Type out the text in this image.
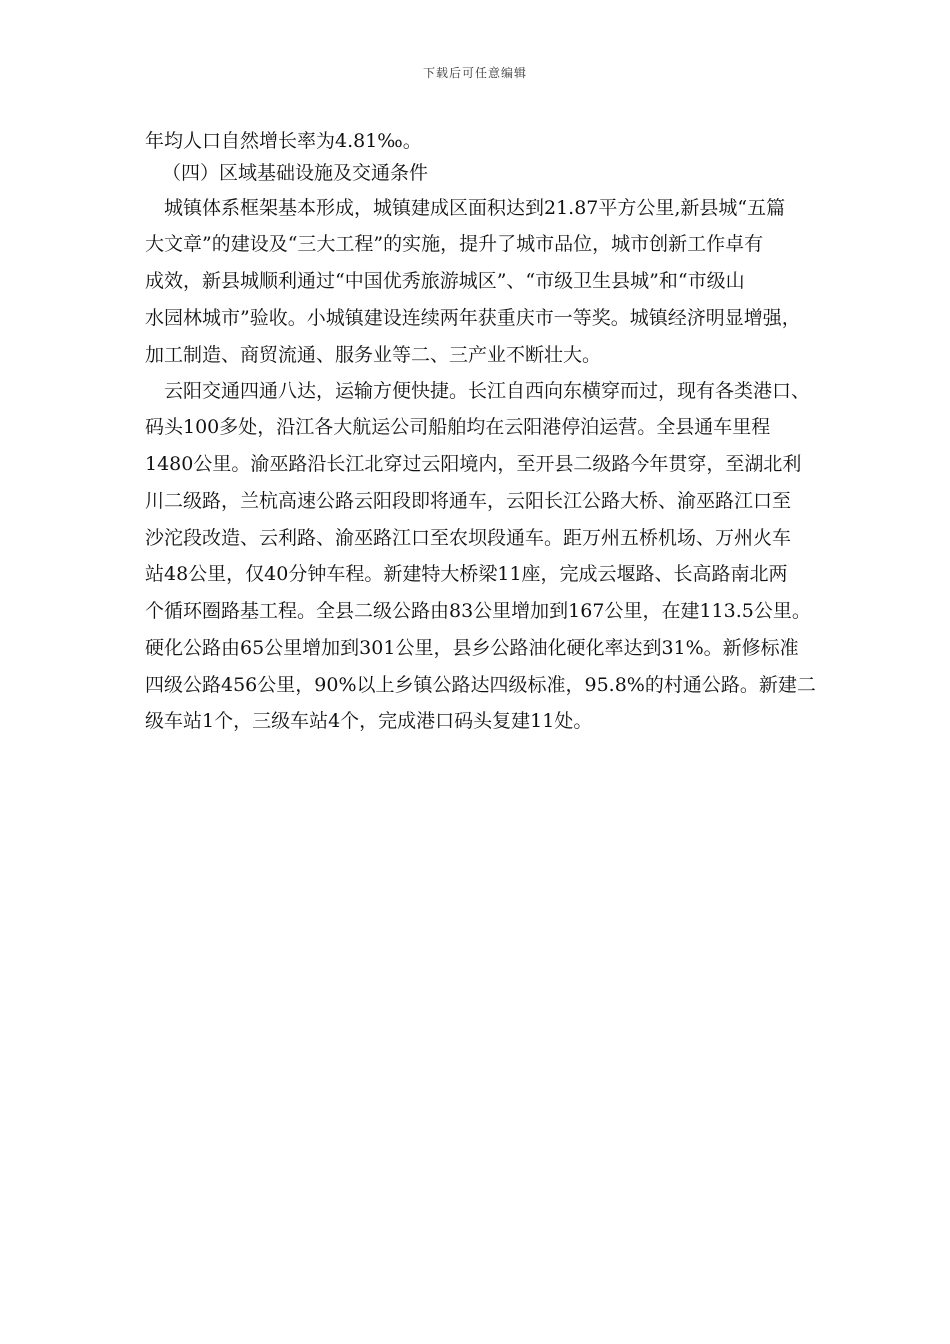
下载后可任意编辑
年均人口自然增长率为4.81‰。
（四）区域基础设施及交通条件
城镇体系框架基本形成，城镇建成区面积达到21.87平方公里,新县城“五篇
大文章”的建设及“三大工程”的实施，提升了城市品位，城市创新工作卓有
成效，新县城顺利通过“中国优秀旅游城区”、“市级卫生县城”和“市级山
水园林城市”验收。小城镇建设连续两年获重庆市一等奖。城镇经济明显增强，
加工制造、商贸流通、服务业等二、三产业不断壮大。
云阳交通四通八达，运输方便快捷。长江自西向东横穿而过，现有各类港口、
码头100多处，沿江各大航运公司船舶均在云阳港停泊运营。全县通车里程
1480公里。渝巫路沿长江北穿过云阳境内，至开县二级路今年贯穿，至湖北利
川二级路，兰杭高速公路云阳段即将通车，云阳长江公路大桥、渝巫路江口至
沙沱段改造、云利路、渝巫路江口至农坝段通车。距万州五桥机场、万州火车
站48公里，仅40分钟车程。新建特大桥梁11座，完成云堰路、长高路南北两
个循环圈路基工程。全县二级公路由83公里增加到167公里，在建113.5公里。
硬化公路由65公里增加到301公里，县乡公路油化硬化率达到31%。新修标准
四级公路456公里，90%以上乡镇公路达四级标准，95.8%的村通公路。新建二
级车站1个，三级车站4个，完成港口码头复建11处。
